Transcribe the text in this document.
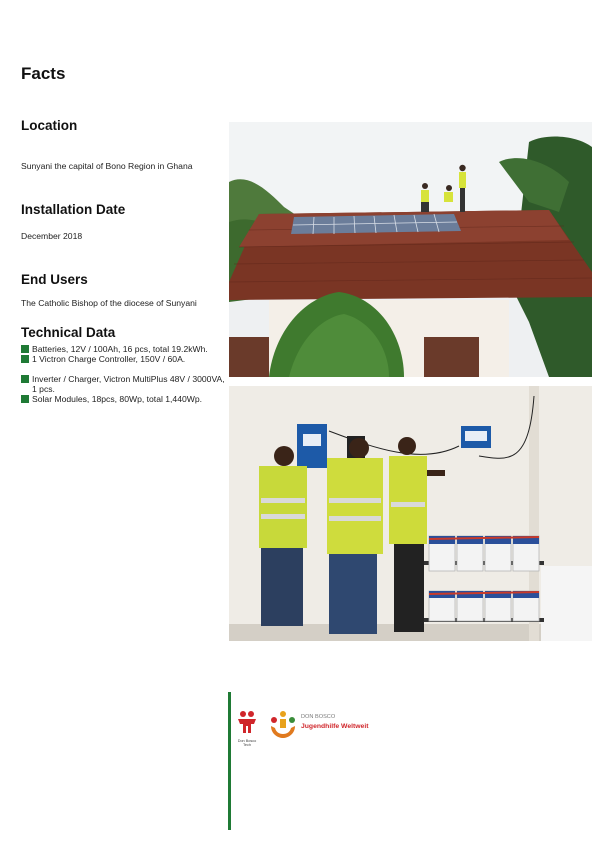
Facts
Location

Sunyani the capital of Bono Region in Ghana

Installation Date

December 2018

End Users

The Catholic Bishop of the diocese of Sunyani

Technical Data
Batteries, 12V / 100Ah, 16 pcs, total 19.2kWh.
1 Victron Charge Controller, 150V / 60A.
Inverter / Charger, Victron MultiPlus 48V / 3000VA, 1 pcs.
Solar Modules, 18pcs, 80Wp, total 1,440Wp.
Don Bosco Tech
DON BOSCO
Jugendhilfe Weltweit
